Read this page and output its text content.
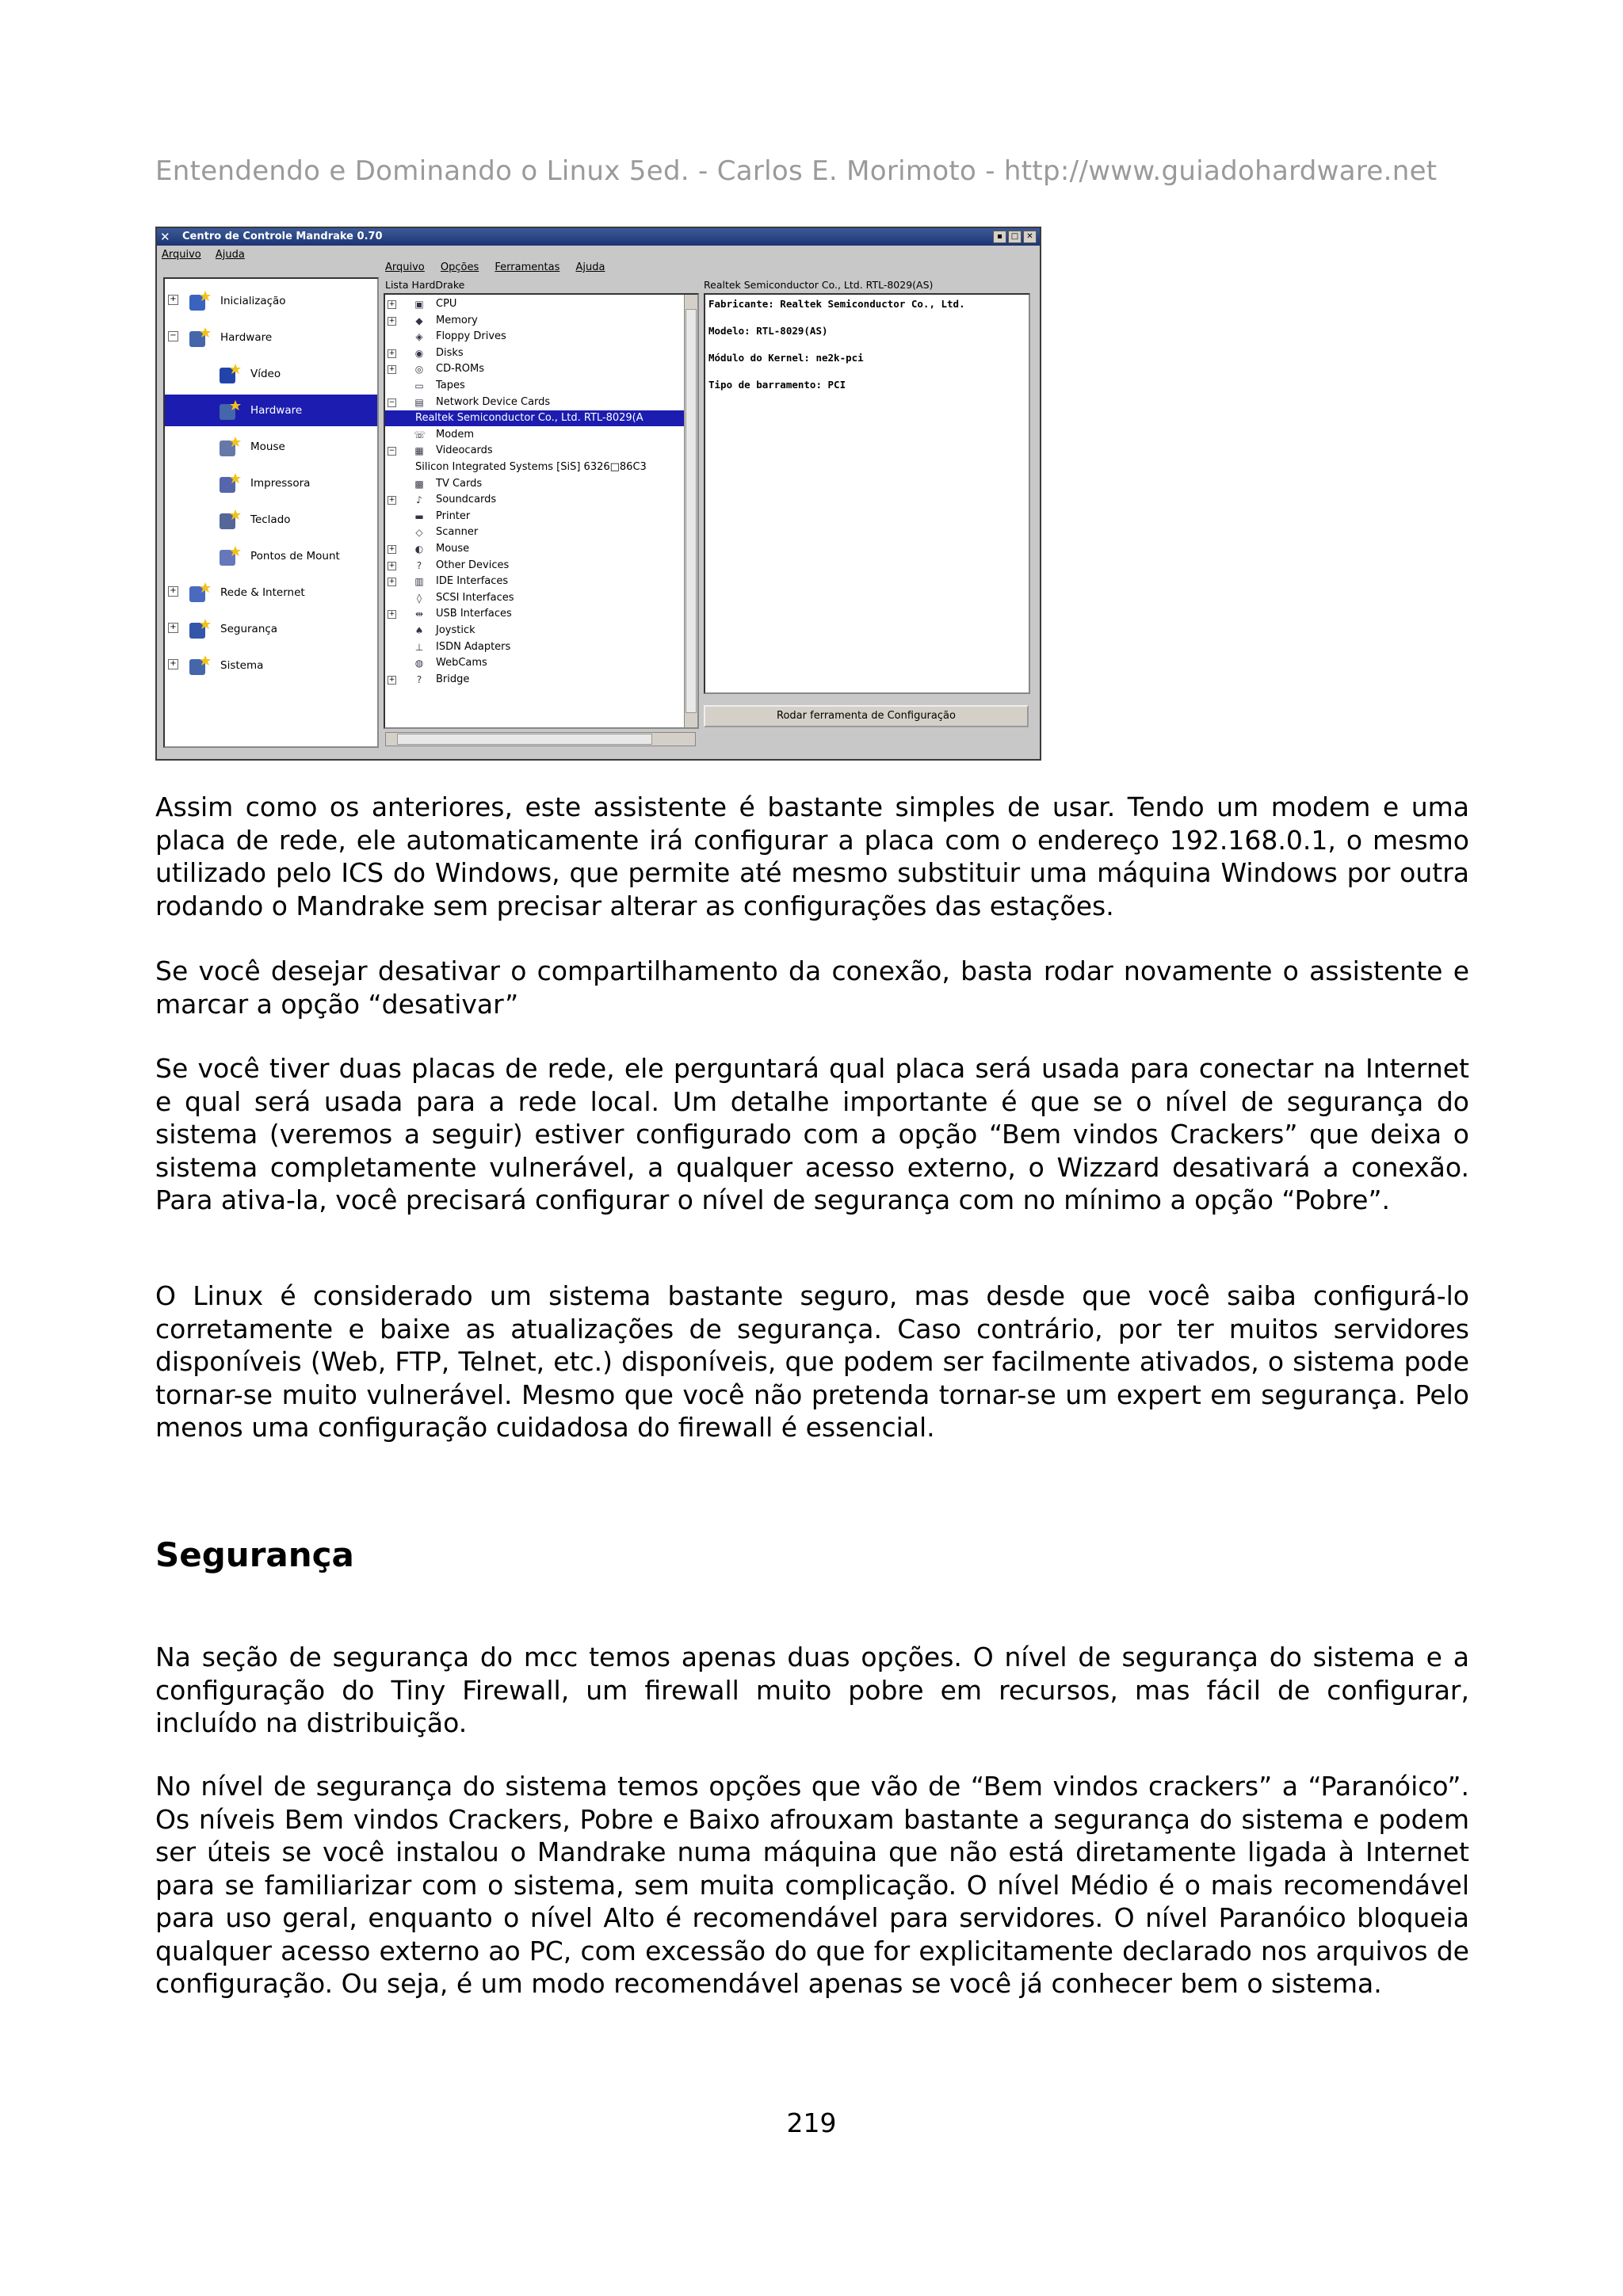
Entendendo e Dominando o Linux 5ed. - Carlos E. Morimoto - http://www.guiadohardware.net
✕	Centro de Controle Mandrake 0.70	▪ □ ✕
Arquivo Ajuda
+	Inicialização
−	Hardware
Vídeo
Hardware
Mouse
Impressora
Teclado
Pontos de Mount
+	Rede & Internet
+	Segurança
+	Sistema
Arquivo Opções Ferramentas Ajuda
Lista HardDrake	Realtek Semiconductor Co., Ltd. RTL-8029(AS)
+	? Bridge
◍ WebCams
⊥ ISDN Adapters
♠ Joystick
+ ⇹ USB Interfaces
◊	SCSI Interfaces
+ ▥ IDE Interfaces
+	? Other Devices
+ ◐ Mouse
◇ Scanner
▬ Printer
+ ♪ Soundcards
▩ TV Cards
Silicon Integrated Systems [SiS] 6326□86C3
− ▦ Videocards
☏ Modem
Realtek Semiconductor Co., Ltd. RTL-8029(A
− ▤ Network Device Cards
▭ Tapes
+ ◎ CD-ROMs
+ ◉ Disks
◈ Floppy Drives
+ ◆ Memory
+ ▣ CPU	Fabricante: Realtek Semiconductor Co., Ltd.
Modelo: RTL-8029(AS)
Módulo do Kernel: ne2k-pci
Tipo de barramento: PCI
Rodar ferramenta de Configuração
Assim como os anteriores, este assistente é bastante simples de usar. Tendo um modem e uma placa de rede, ele automaticamente irá configurar a placa com o endereço 192.168.0.1, o mesmo utilizado pelo ICS do Windows, que permite até mesmo substituir uma máquina Windows por outra rodando o Mandrake sem precisar alterar as configurações das estações.
Se você desejar desativar o compartilhamento da conexão, basta rodar novamente o assistente e marcar a opção “desativar”
Se você tiver duas placas de rede, ele perguntará qual placa será usada para conectar na Internet e qual será usada para a rede local. Um detalhe importante é que se o nível de segurança do sistema (veremos a seguir) estiver configurado com a opção “Bem vindos Crackers” que deixa o sistema completamente vulnerável, a qualquer acesso externo, o Wizzard desativará a conexão. Para ativa-la, você precisará configurar o nível de segurança com no mínimo a opção “Pobre”.
O Linux é considerado um sistema bastante seguro, mas desde que você saiba configurá-lo corretamente e baixe as atualizações de segurança. Caso contrário, por ter muitos servidores disponíveis (Web, FTP, Telnet, etc.) disponíveis, que podem ser facilmente ativados, o sistema pode tornar-se muito vulnerável. Mesmo que você não pretenda tornar-se um expert em segurança. Pelo menos uma configuração cuidadosa do firewall é essencial.
Segurança
Na seção de segurança do mcc temos apenas duas opções. O nível de segurança do sistema e a configuração do Tiny Firewall, um firewall muito pobre em recursos, mas fácil de configurar, incluído na distribuição.
No nível de segurança do sistema temos opções que vão de “Bem vindos crackers” a “Paranóico”. Os níveis Bem vindos Crackers, Pobre e Baixo afrouxam bastante a segurança do sistema e podem ser úteis se você instalou o Mandrake numa máquina que não está diretamente ligada à Internet para se familiarizar com o sistema, sem muita complicação. O nível Médio é o mais recomendável para uso geral, enquanto o nível Alto é recomendável para servidores. O nível Paranóico bloqueia qualquer acesso externo ao PC, com excessão do que for explicitamente declarado nos arquivos de configuração. Ou seja, é um modo recomendável apenas se você já conhecer bem o sistema.
219
